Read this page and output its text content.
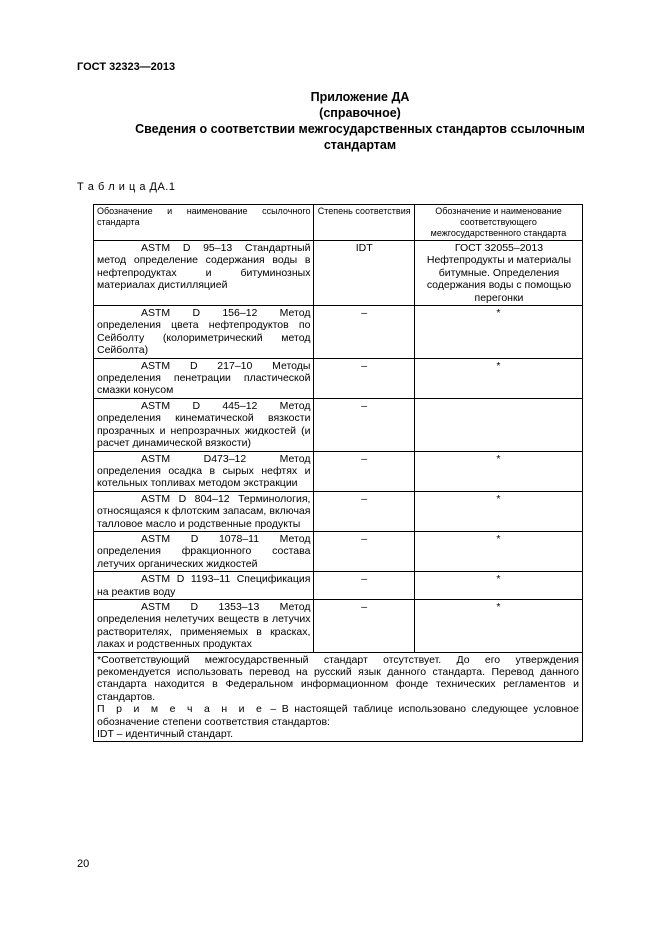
ГОСТ 32323—2013
Приложение ДА
(справочное)
Сведения о соответствии межгосударственных стандартов ссылочным
стандартам
Т а б л и ц а ДА.1
Обозначение и наименование ссылочного стандарта	Степень соответствия	Обозначение и наименование соответствующего межгосударственного стандарта
ASTM D 95–13 Стандартный метод определение содержания воды в нефтепродуктах и битуминозных материалах дистилляцией	IDT	ГОСТ 32055–2013 Нефтепродукты и материалы битумные. Определения содержания воды с помощью перегонки

ASTM D 156–12 Метод определения цвета нефтепродуктов по Сейболту (колориметрический метод Сейболта)	–	*
ASTM D 217–10 Методы определения пенетрации пластической смазки конусом	–	*
ASTM D 445–12 Метод определения кинематической вязкости прозрачных и непрозрачных жидкостей (и расчет динамической вязкости)	–	
ASTM D473–12 Метод определения осадка в сырых нефтях и котельных топливах методом экстракции	–	*
ASTM D 804–12 Терминология, относящаяся к флотским запасам, включая талловое масло и родственные продукты	–	*
ASTM D 1078–11 Метод определения фракционного состава летучих органических жидкостей	–	*
ASTM D 1193–11 Спецификация на реактив воду	–	*
ASTM D 1353–13 Метод определения нелетучих веществ в летучих растворителях, применяемых в красках, лаках и родственных продуктах	–	*

*Соответствующий межгосударственный стандарт отсутствует. До его утверждения рекомендуется использовать перевод на русский язык данного стандарта. Перевод данного стандарта находится в Федеральном информационном фонде технических регламентов и стандартов.
П р и м е ч а н и е – В настоящей таблице использовано следующее условное обозначение степени соответствия стандартов:
IDT – идентичный стандарт.		
20
